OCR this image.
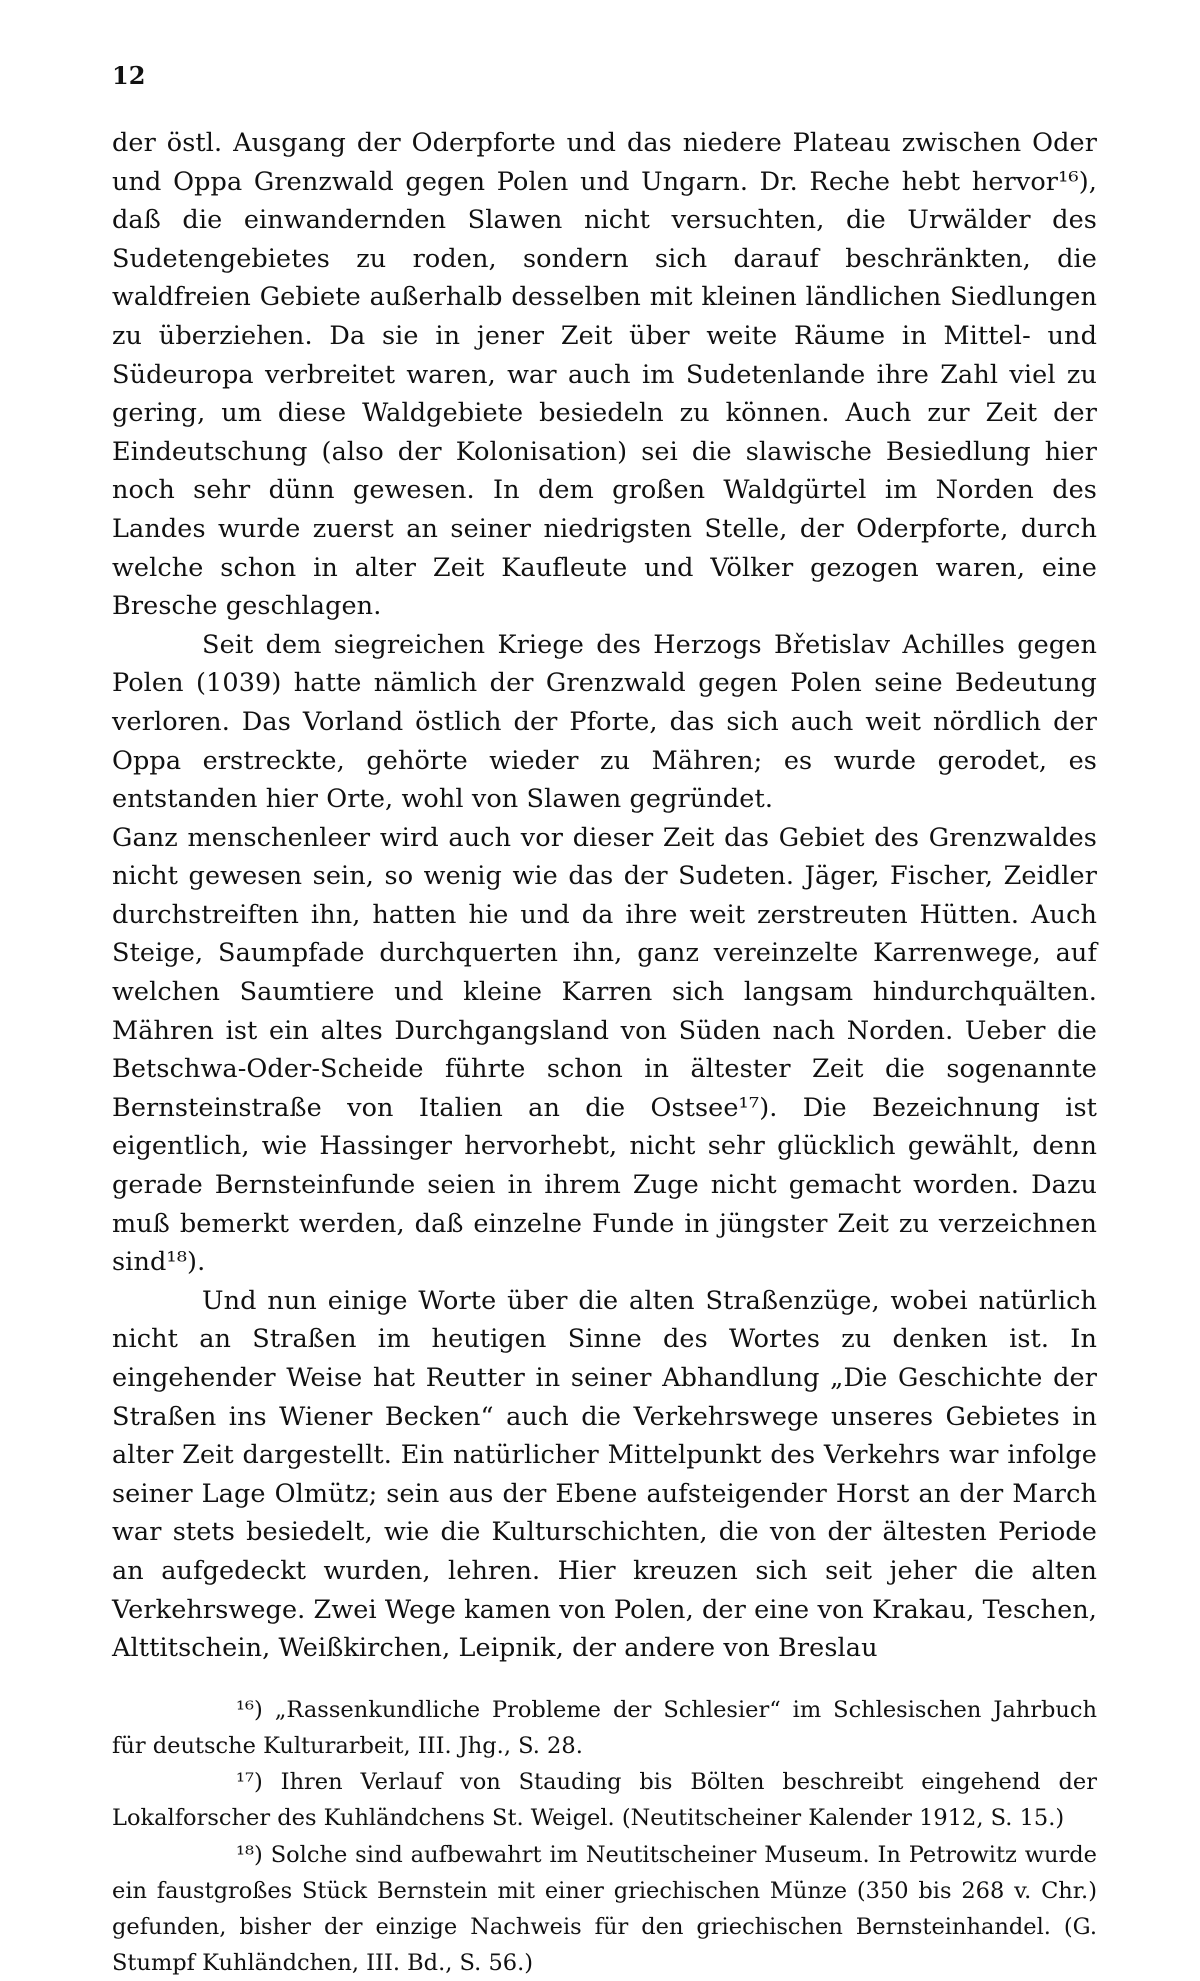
12

der östl. Ausgang der Oderpforte und das niedere Plateau zwischen Oder und Oppa Grenzwald gegen Polen und Ungarn. Dr. Reche hebt hervor¹⁶), daß die einwandernden Slawen nicht versuchten, die Urwälder des Sudetengebietes zu roden, sondern sich darauf beschränkten, die waldfreien Gebiete außerhalb desselben mit kleinen ländlichen Siedlungen zu überziehen. Da sie in jener Zeit über weite Räume in Mittel- und Südeuropa verbreitet waren, war auch im Sudetenlande ihre Zahl viel zu gering, um diese Waldgebiete besiedeln zu können. Auch zur Zeit der Eindeutschung (also der Kolonisation) sei die slawische Besiedlung hier noch sehr dünn gewesen. In dem großen Waldgürtel im Norden des Landes wurde zuerst an seiner niedrigsten Stelle, der Oderpforte, durch welche schon in alter Zeit Kaufleute und Völker gezogen waren, eine Bresche geschlagen.

Seit dem siegreichen Kriege des Herzogs Břetislav Achilles gegen Polen (1039) hatte nämlich der Grenzwald gegen Polen seine Bedeutung verloren. Das Vorland östlich der Pforte, das sich auch weit nördlich der Oppa erstreckte, gehörte wieder zu Mähren; es wurde gerodet, es entstanden hier Orte, wohl von Slawen gegründet.

Ganz menschenleer wird auch vor dieser Zeit das Gebiet des Grenzwaldes nicht gewesen sein, so wenig wie das der Sudeten. Jäger, Fischer, Zeidler durchstreiften ihn, hatten hie und da ihre weit zerstreuten Hütten. Auch Steige, Saumpfade durchquerten ihn, ganz vereinzelte Karrenwege, auf welchen Saumtiere und kleine Karren sich langsam hindurchquälten. Mähren ist ein altes Durchgangsland von Süden nach Norden. Ueber die Betschwa-Oder-Scheide führte schon in ältester Zeit die sogenannte Bernsteinstraße von Italien an die Ostsee¹⁷). Die Bezeichnung ist eigentlich, wie Hassinger hervorhebt, nicht sehr glücklich gewählt, denn gerade Bernsteinfunde seien in ihrem Zuge nicht gemacht worden. Dazu muß bemerkt werden, daß einzelne Funde in jüngster Zeit zu verzeichnen sind¹⁸).

Und nun einige Worte über die alten Straßenzüge, wobei natürlich nicht an Straßen im heutigen Sinne des Wortes zu denken ist. In eingehender Weise hat Reutter in seiner Abhandlung „Die Geschichte der Straßen ins Wiener Becken“ auch die Verkehrswege unseres Gebietes in alter Zeit dargestellt. Ein natürlicher Mittelpunkt des Verkehrs war infolge seiner Lage Olmütz; sein aus der Ebene aufsteigender Horst an der March war stets besiedelt, wie die Kulturschichten, die von der ältesten Periode an aufgedeckt wurden, lehren. Hier kreuzen sich seit jeher die alten Verkehrswege. Zwei Wege kamen von Polen, der eine von Krakau, Teschen, Alttitschein, Weißkirchen, Leipnik, der andere von Breslau

¹⁶) „Rassenkundliche Probleme der Schlesier“ im Schlesischen Jahrbuch für deutsche Kulturarbeit, III. Jhg., S. 28.

¹⁷) Ihren Verlauf von Stauding bis Bölten beschreibt eingehend der Lokalforscher des Kuhländchens St. Weigel. (Neutitscheiner Kalender 1912, S. 15.)

¹⁸) Solche sind aufbewahrt im Neutitscheiner Museum. In Petrowitz wurde ein faustgroßes Stück Bernstein mit einer griechischen Münze (350 bis 268 v. Chr.) gefunden, bisher der einzige Nachweis für den griechischen Bernsteinhandel. (G. Stumpf Kuhländchen, III. Bd., S. 56.)
